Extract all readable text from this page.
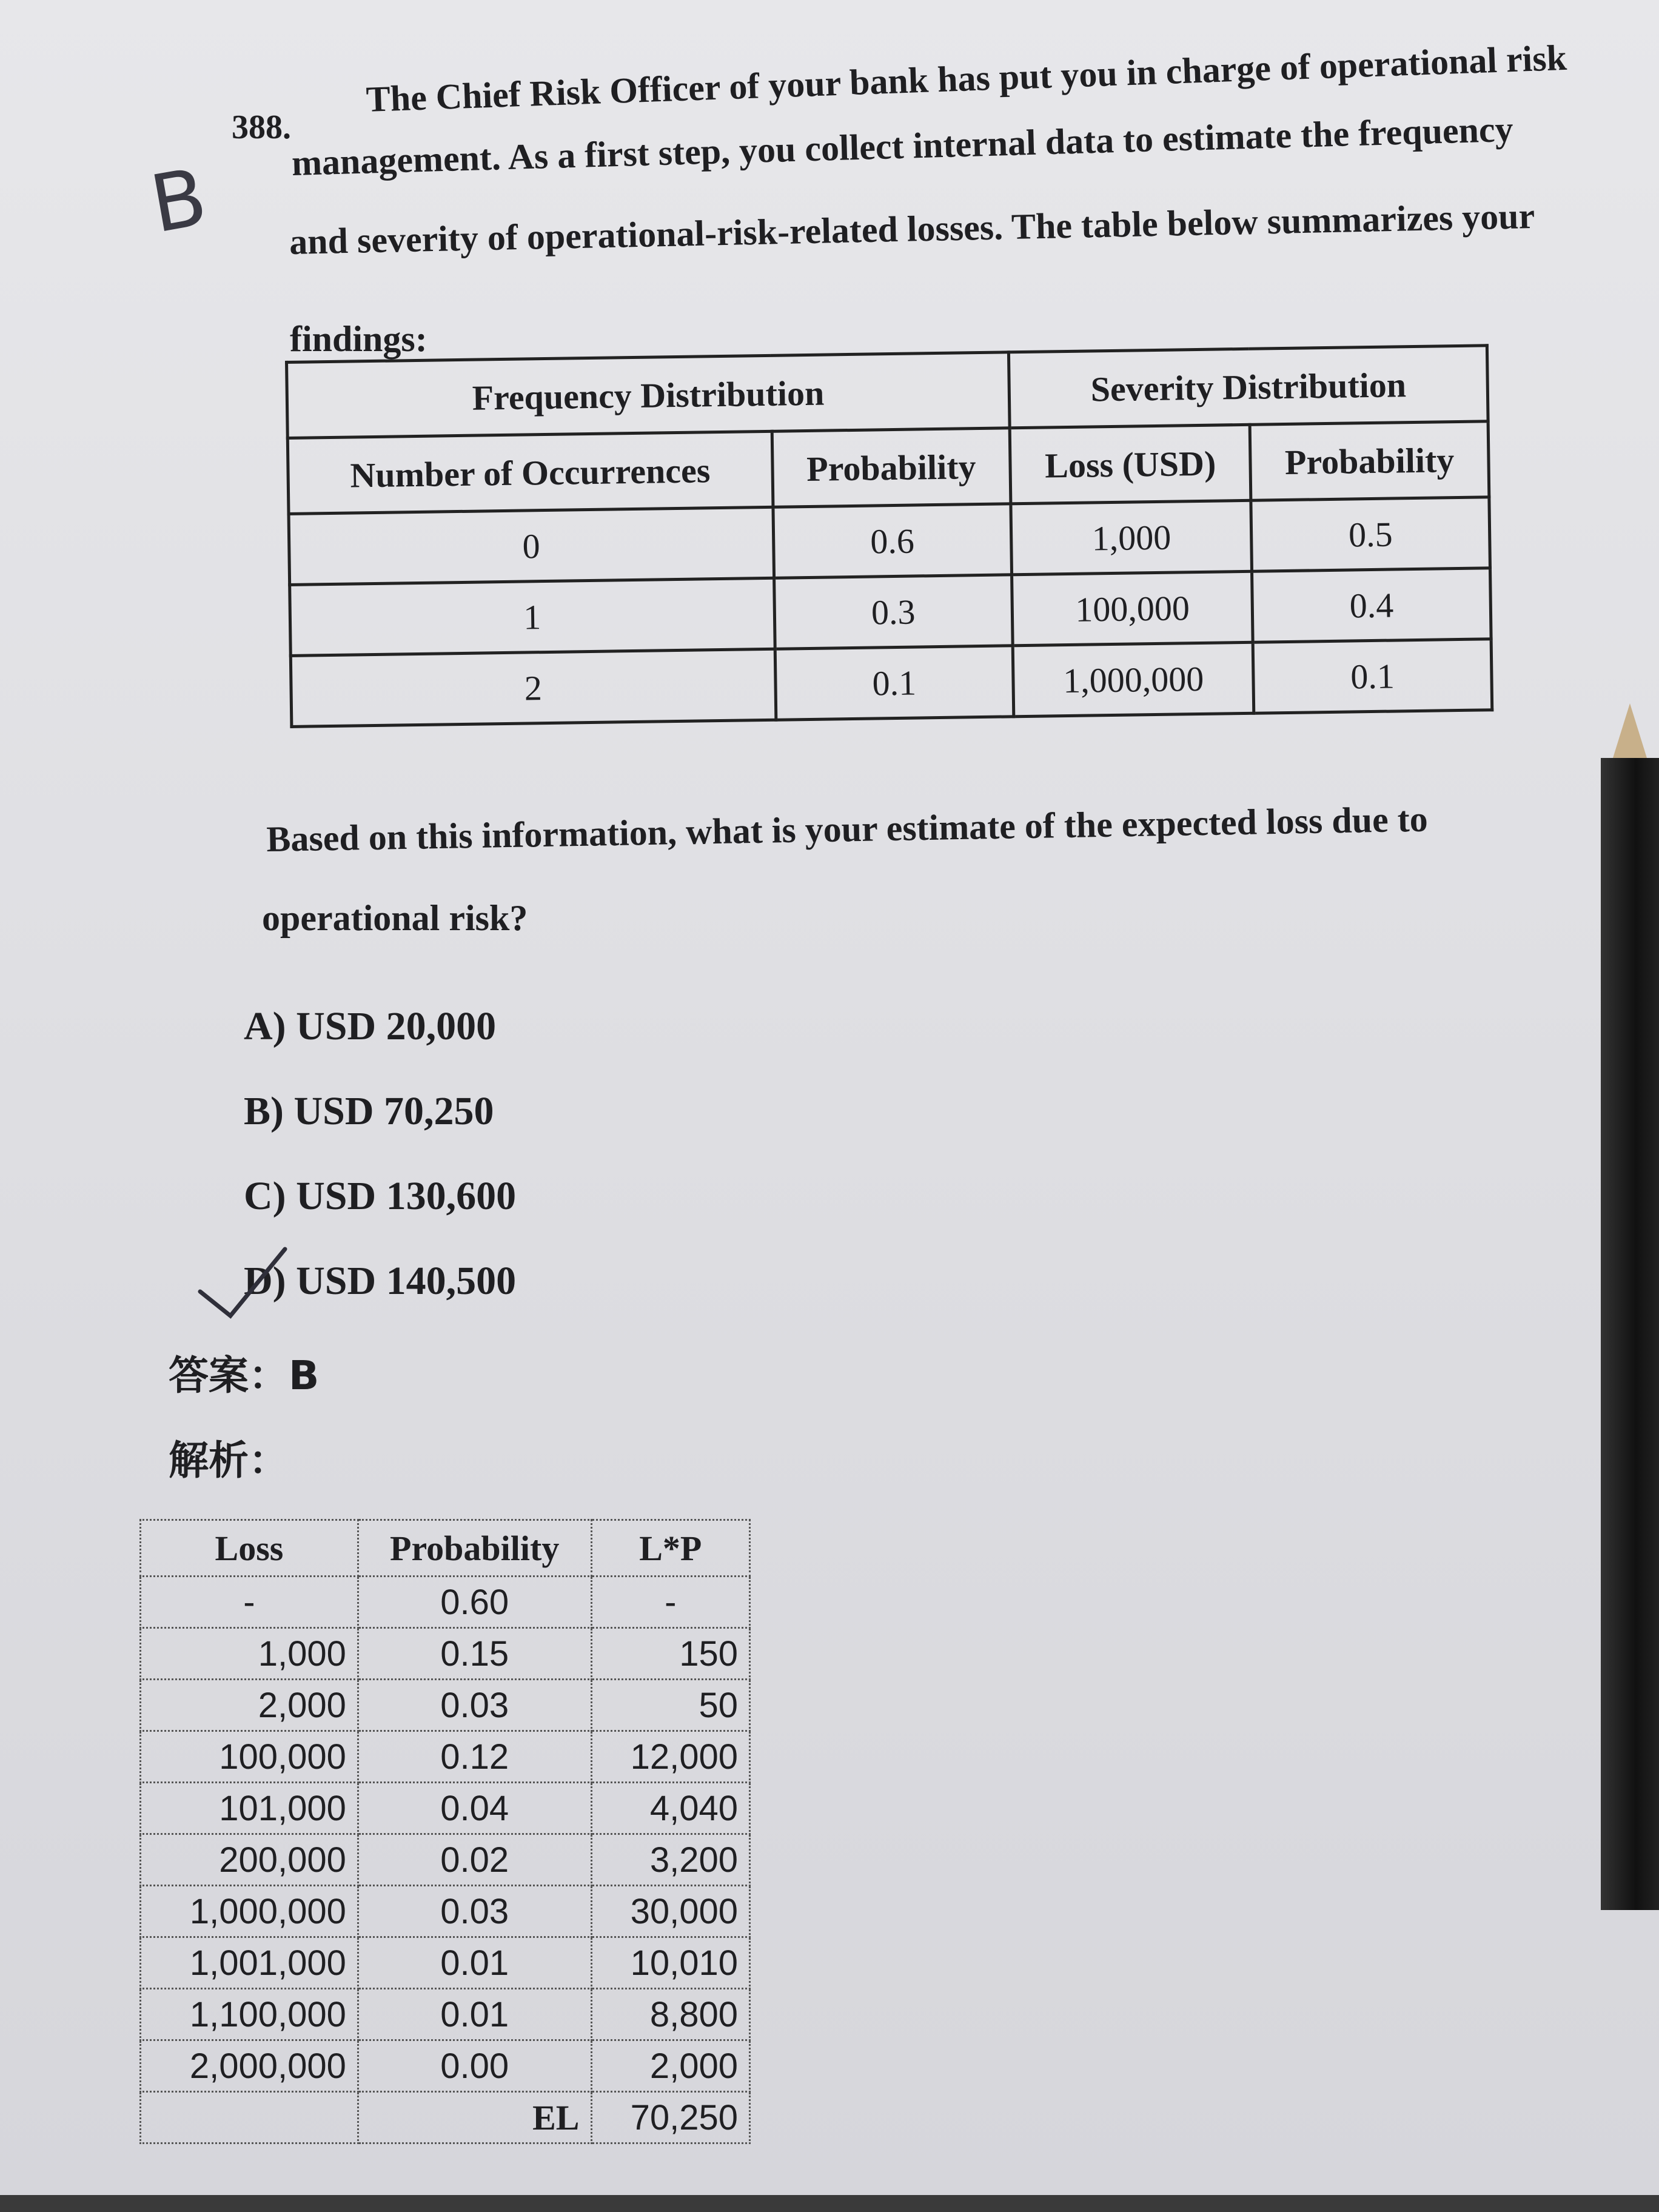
388.
The Chief Risk Officer of your bank has put you in charge of operational risk
management. As a first step, you collect internal data to estimate the frequency
and severity of operational-risk-related losses. The table below summarizes your
findings:
B
Frequency Distribution		Severity Distribution	
Number of Occurrences	Probability	Loss (USD)	Probability
0	0.6	1,000	0.5
1	0.3	100,000	0.4
2	0.1	1,000,000	0.1
Based on this information, what is your estimate of the expected loss due to
operational risk?
A) USD 20,000
B) USD 70,250
C) USD 130,600
D) USD 140,500
答案：B
解析：
Loss	Probability	L*P
-	0.60	-
1,000	0.15	150
2,000	0.03	50
100,000	0.12	12,000
101,000	0.04	4,040
200,000	0.02	3,200
1,000,000	0.03	30,000
1,001,000	0.01	10,010
1,100,000	0.01	8,800
2,000,000	0.00	2,000
	EL	70,250
